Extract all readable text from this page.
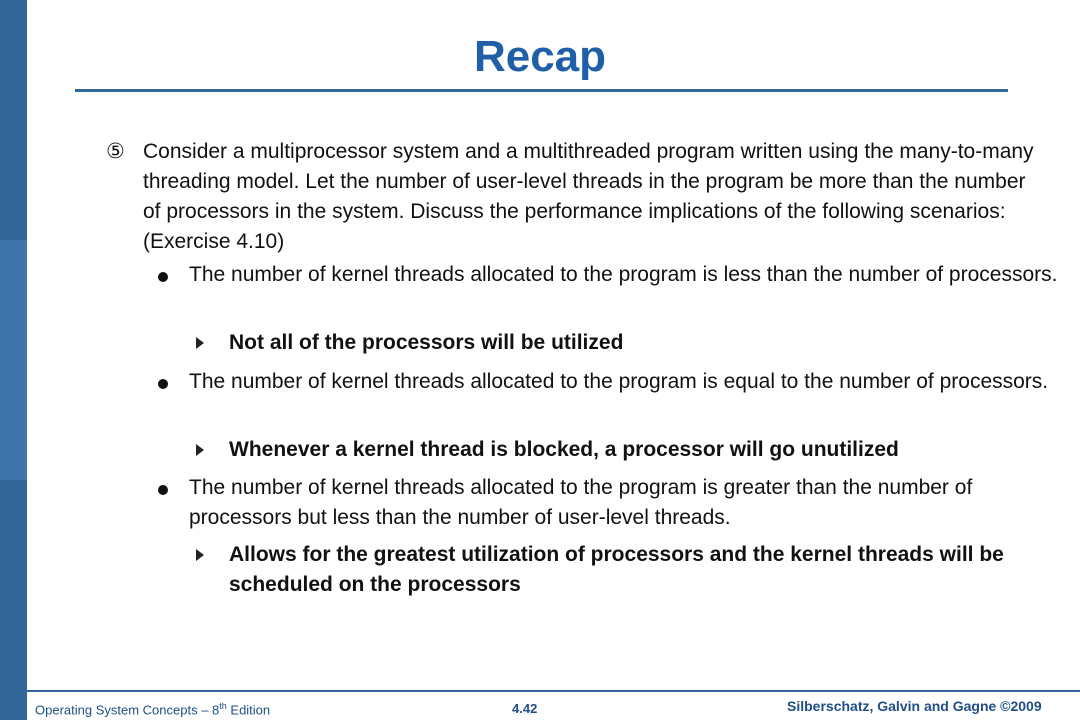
Recap
⑤ Consider a multiprocessor system and a multithreaded program written using the many-to-many threading model. Let the number of user-level threads in the program be more than the number of processors in the system. Discuss the performance implications of the following scenarios: (Exercise 4.10)
The number of kernel threads allocated to the program is less than the number of processors.
Not all of the processors will be utilized
The number of kernel threads allocated to the program is equal to the number of processors.
Whenever a kernel thread is blocked, a processor will go unutilized
The number of kernel threads allocated to the program is greater than the number of processors but less than the number of user-level threads.
Allows for the greatest utilization of processors and the kernel threads will be scheduled on the processors
Operating System Concepts – 8th Edition	4.42	Silberschatz, Galvin and Gagne ©2009
